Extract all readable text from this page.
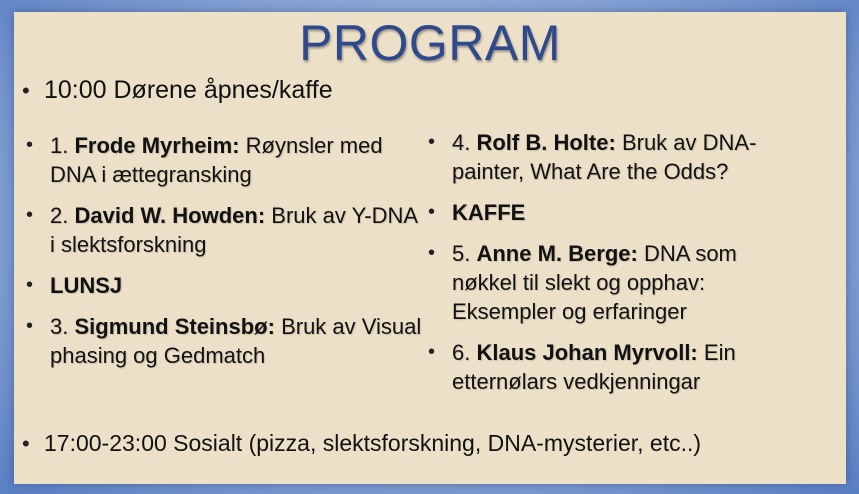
PROGRAM
• 10:00 Dørene åpnes/kaffe
• 1. Frode Myrheim: Røynsler med DNA i ættegransking
• 2. David W. Howden: Bruk av Y-DNA i slektsforskning
• LUNSJ
• 3. Sigmund Steinsbø: Bruk av Visual phasing og Gedmatch
• 4. Rolf B. Holte: Bruk av DNA-painter, What Are the Odds?
• KAFFE
• 5. Anne M. Berge: DNA som nøkkel til slekt og opphav: Eksempler og erfaringer
• 6. Klaus Johan Myrvoll: Ein etternølars vedkjenningar
• 17:00-23:00 Sosialt (pizza, slektsforskning, DNA-mysterier, etc..)
